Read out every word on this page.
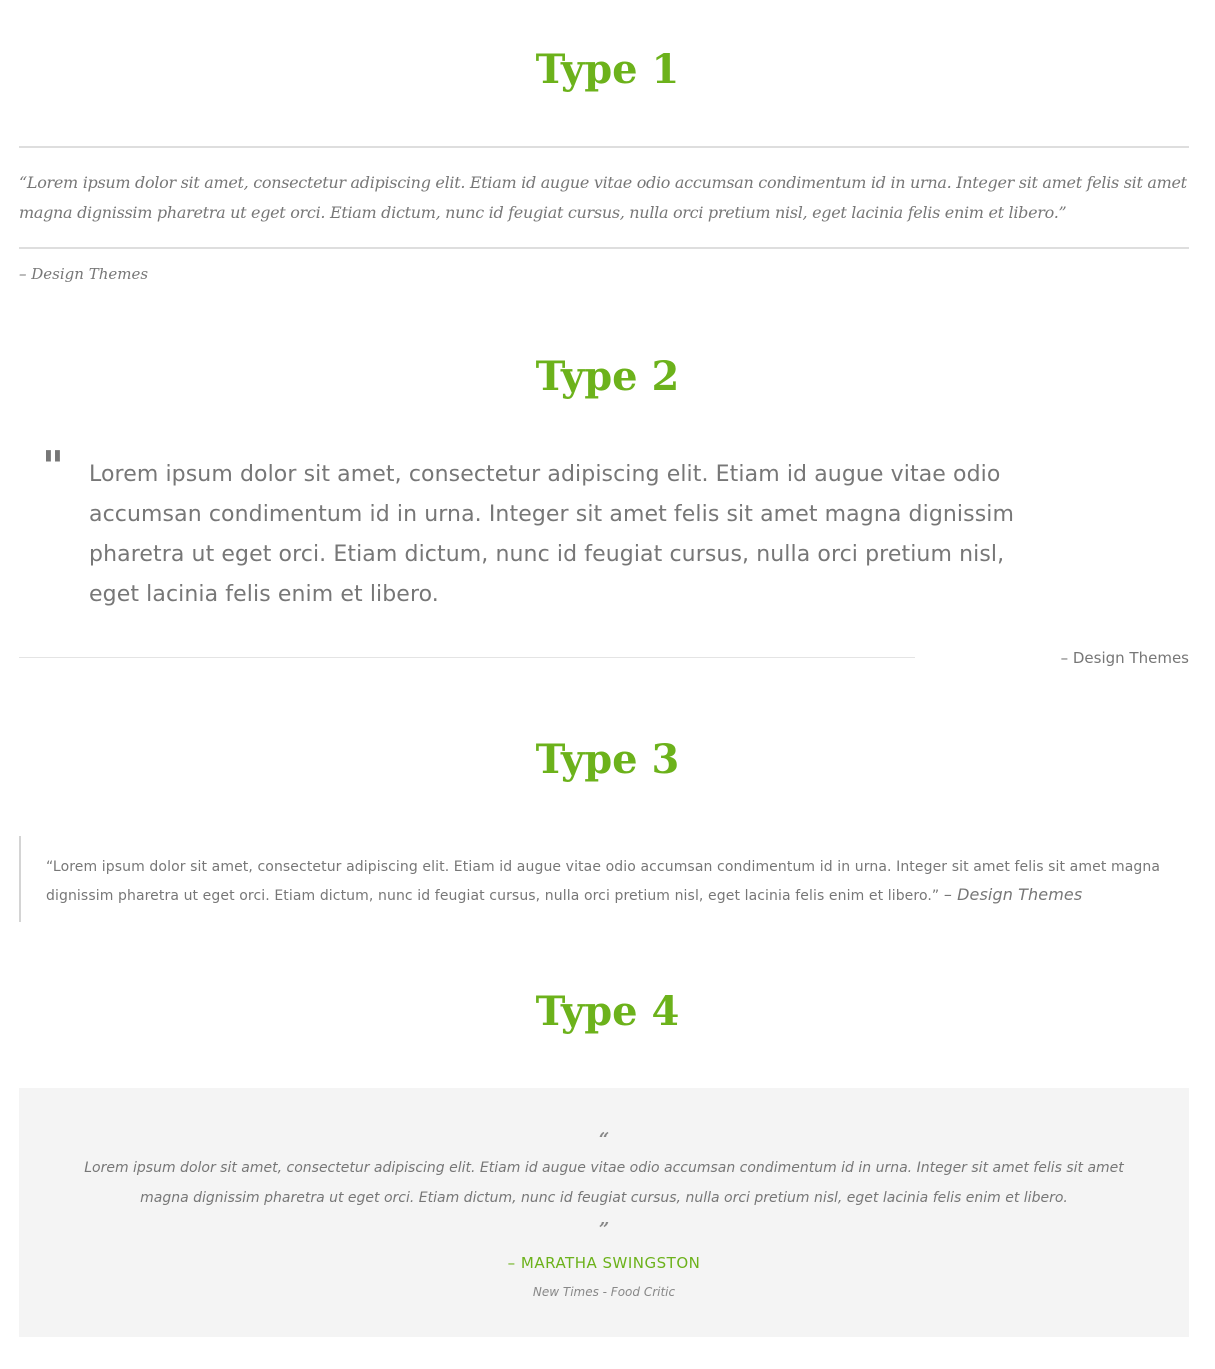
Type 1

“Lorem ipsum dolor sit amet, consectetur adipiscing elit. Etiam id augue vitae odio accumsan condimentum id in urna. Integer sit amet felis sit amet magna dignissim pharetra ut eget orci. Etiam dictum, nunc id feugiat cursus, nulla orci pretium nisl, eget lacinia felis enim et libero.”

– Design Themes
Type 2
" Lorem ipsum dolor sit amet, consectetur adipiscing elit. Etiam id augue vitae odio accumsan condimentum id in urna. Integer sit amet felis sit amet magna dignissim pharetra ut eget orci. Etiam dictum, nunc id feugiat cursus, nulla orci pretium nisl, eget lacinia felis enim et libero.

– Design Themes
Type 3

“Lorem ipsum dolor sit amet, consectetur adipiscing elit. Etiam id augue vitae odio accumsan condimentum id in urna. Integer sit amet felis sit amet magna dignissim pharetra ut eget orci. Etiam dictum, nunc id feugiat cursus, nulla orci pretium nisl, eget lacinia felis enim et libero.” – Design Themes

Type 4
“

Lorem ipsum dolor sit amet, consectetur adipiscing elit. Etiam id augue vitae odio accumsan condimentum id in urna. Integer sit amet felis sit amet magna dignissim pharetra ut eget orci. Etiam dictum, nunc id feugiat cursus, nulla orci pretium nisl, eget lacinia felis enim et libero.

”
– MARATHA SWINGSTON
New Times - Food Critic
